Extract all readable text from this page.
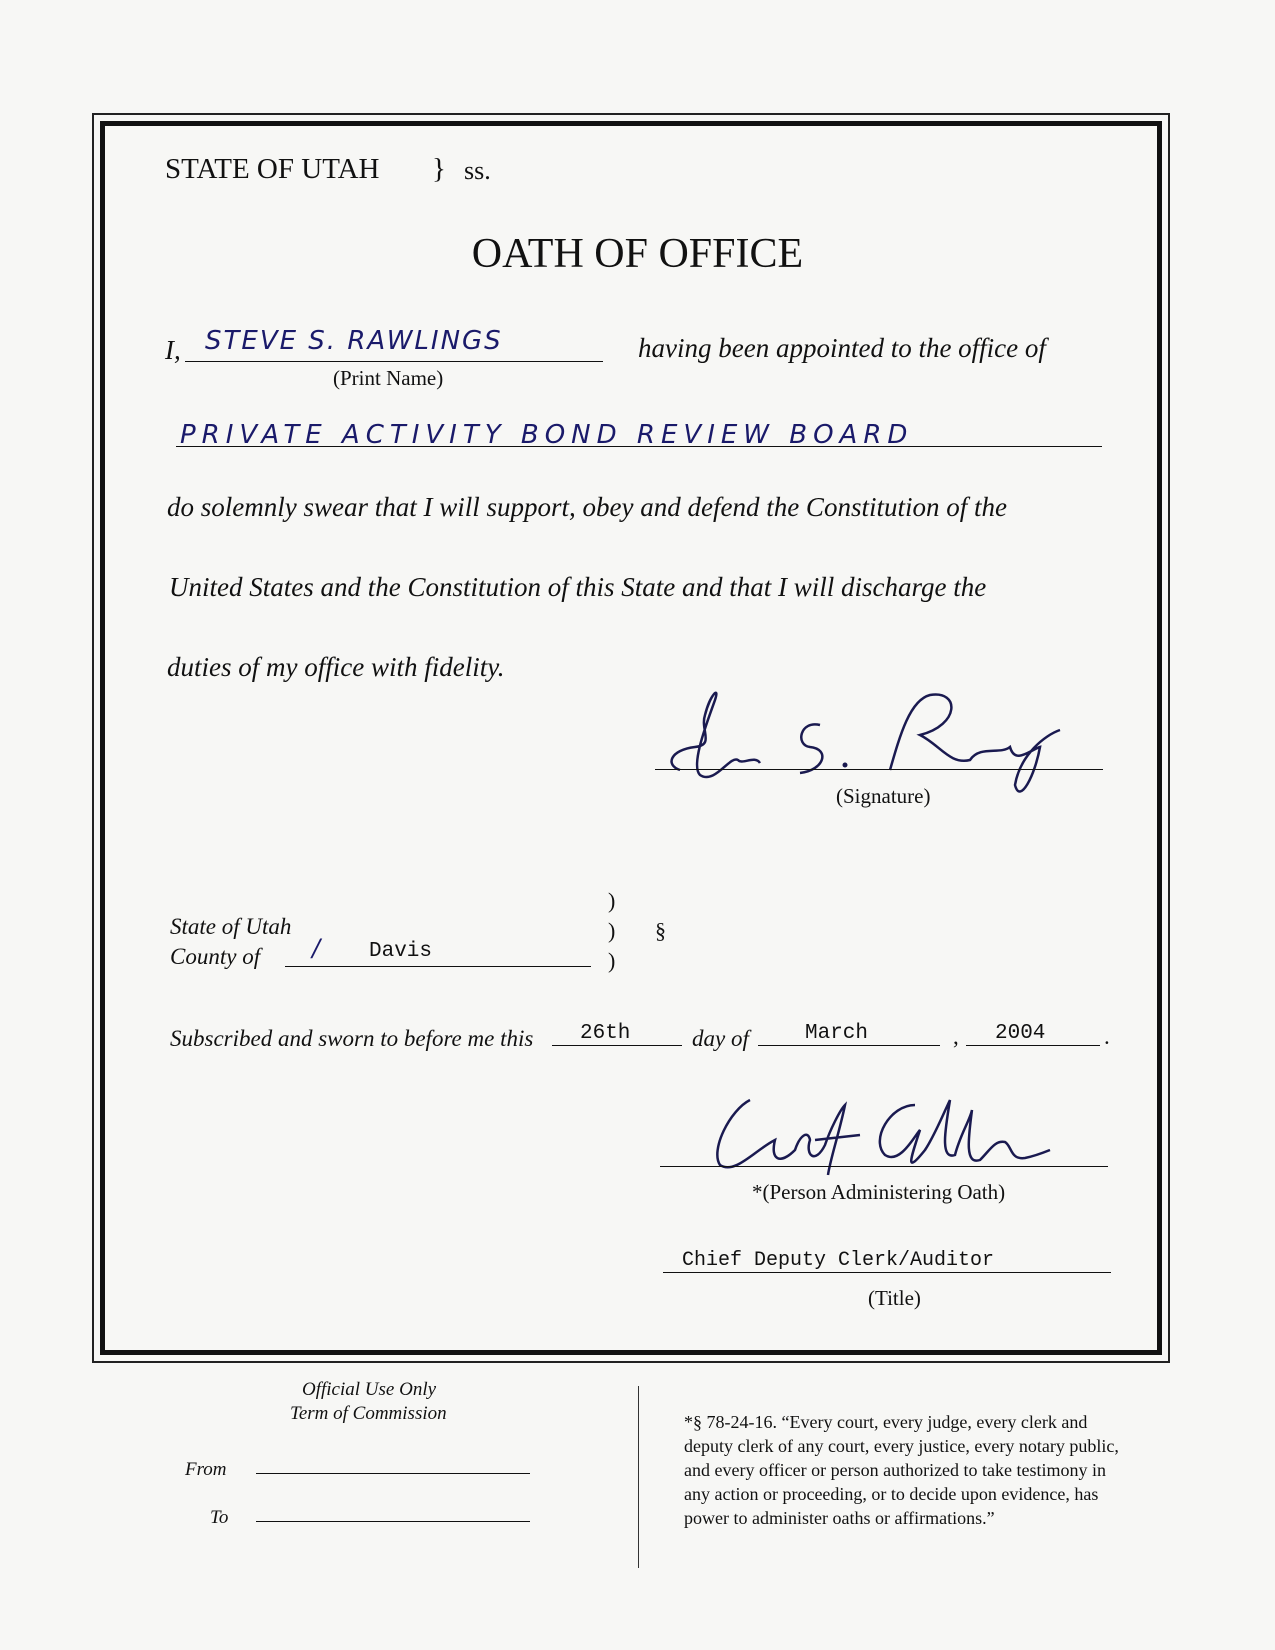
STATE OF UTAH } ss.
OATH OF OFFICE
I, STEVE S. RAWLINGS
(Print Name)
having been appointed to the office of
PRIVATE ACTIVITY BOND REVIEW BOARD
do solemnly swear that I will support, obey and defend the Constitution of the
United States and the Constitution of this State and that I will discharge the
duties of my office with fidelity.
(Signature)
State of Utah
County of / Davis
)
)
)
§
Subscribed and sworn to before me this 26th	day of	March	, 2004	.
*(Person Administering Oath)
Chief Deputy Clerk/Auditor
(Title)
Official Use Only
Term of Commission
From
To
*§ 78-24-16. “Every court, every judge, every clerk and
deputy clerk of any court, every justice, every notary public,
and every officer or person authorized to take testimony in
any action or proceeding, or to decide upon evidence, has
power to administer oaths or affirmations.”
